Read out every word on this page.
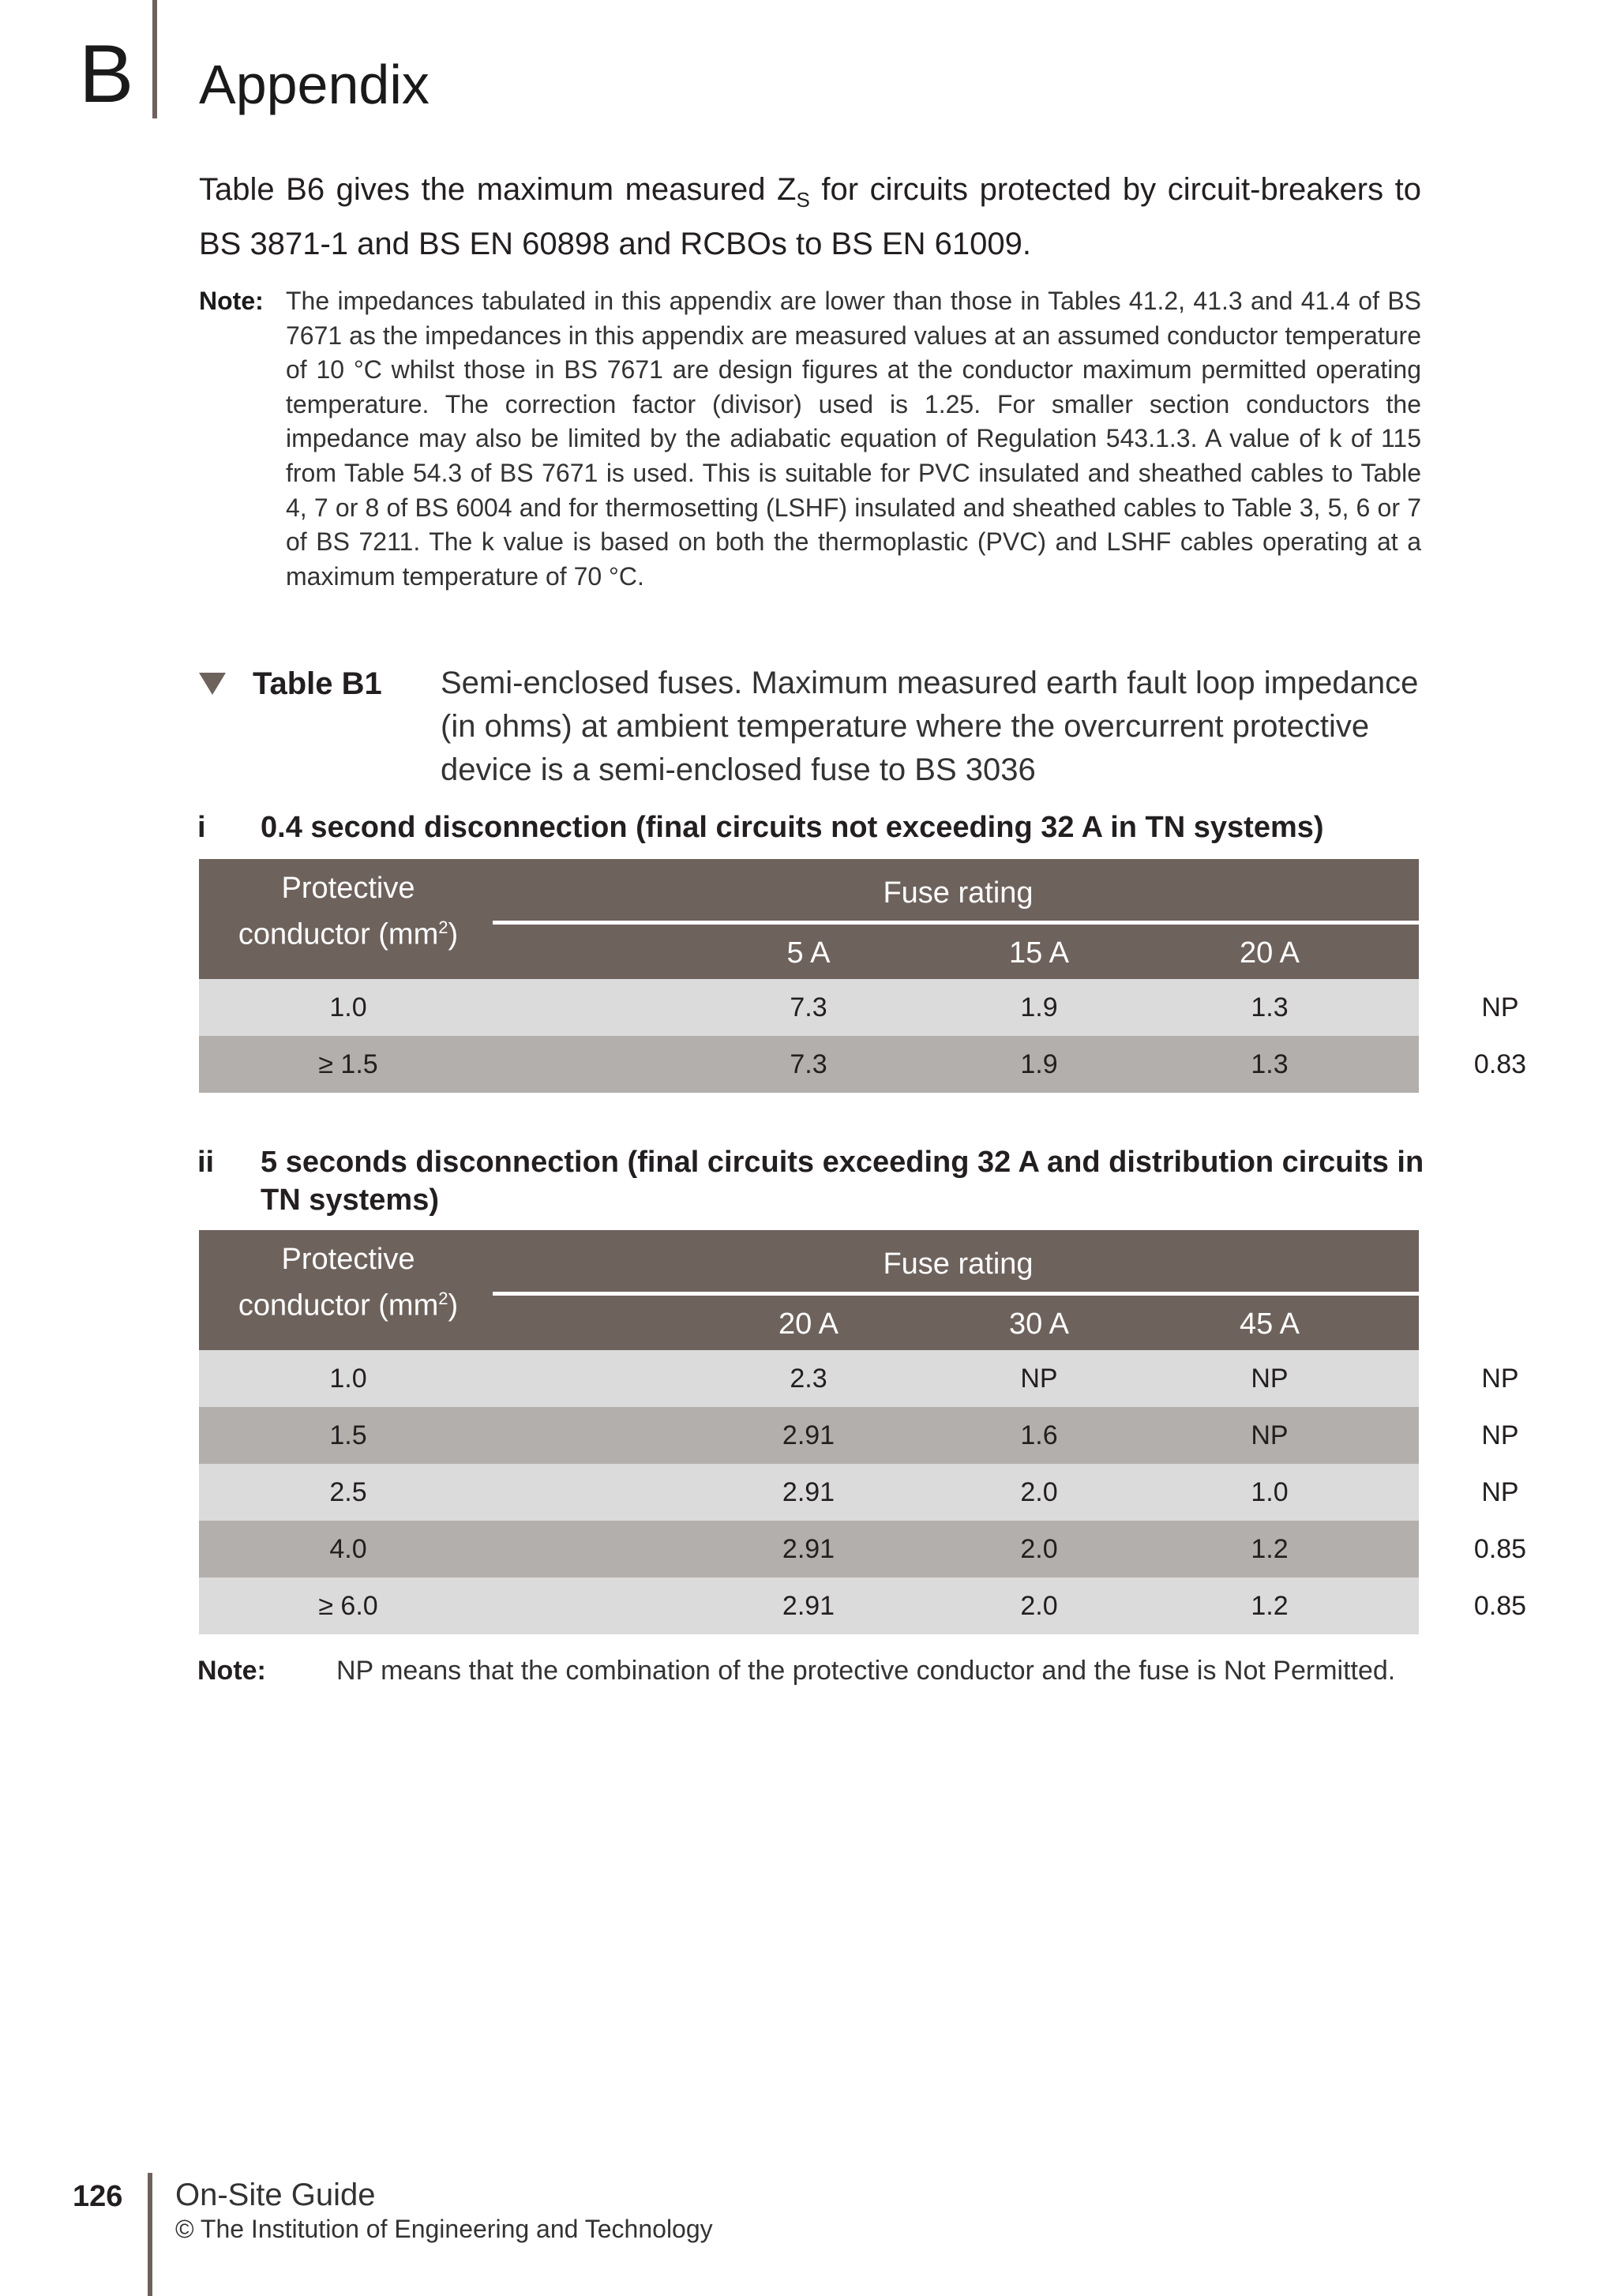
B Appendix
Table B6 gives the maximum measured $Z_S$ for circuits protected by circuit-breakers to BS 3871-1 and BS EN 60898 and RCBOs to BS EN 61009.
Note: The impedances tabulated in this appendix are lower than those in Tables 41.2, 41.3 and 41.4 of BS 7671 as the impedances in this appendix are measured values at an assumed conductor temperature of 10 °C whilst those in BS 7671 are design figures at the conductor maximum permitted operating temperature. The correction factor (divisor) used is 1.25. For smaller section conductors the impedance may also be limited by the adiabatic equation of Regulation 543.1.3. A value of k of 115 from Table 54.3 of BS 7671 is used. This is suitable for PVC insulated and sheathed cables to Table 4, 7 or 8 of BS 6004 and for thermosetting (LSHF) insulated and sheathed cables to Table 3, 5, 6 or 7 of BS 7211. The k value is based on both the thermoplastic (PVC) and LSHF cables operating at a maximum temperature of 70 °C.
Table B1 Semi-enclosed fuses. Maximum measured earth fault loop impedance (in ohms) at ambient temperature where the overcurrent protective device is a semi-enclosed fuse to BS 3036
i 0.4 second disconnection (final circuits not exceeding 32 A in TN systems)
Protective
conductor $(mm^2)$
Fuse rating
5 A	15 A	20 A	30 A
1.0	7.3	1.9	1.3	NP
≥ 1.5	7.3	1.9	1.3	0.83
ii 5 seconds disconnection (final circuits exceeding 32 A and distribution circuits in TN systems)
Protective
conductor $(mm^2)$
Fuse rating
20 A	30 A	45 A	60 A
1.0	2.3	NP	NP	NP
1.5	2.91	1.6	NP	NP
2.5	2.91	2.0	1.0	NP
4.0	2.91	2.0	1.2	0.85
≥ 6.0	2.91	2.0	1.2	0.85
Note:	NP means that the combination of the protective conductor and the fuse is Not Permitted.
126 On-Site Guide
© The Institution of Engineering and Technology
